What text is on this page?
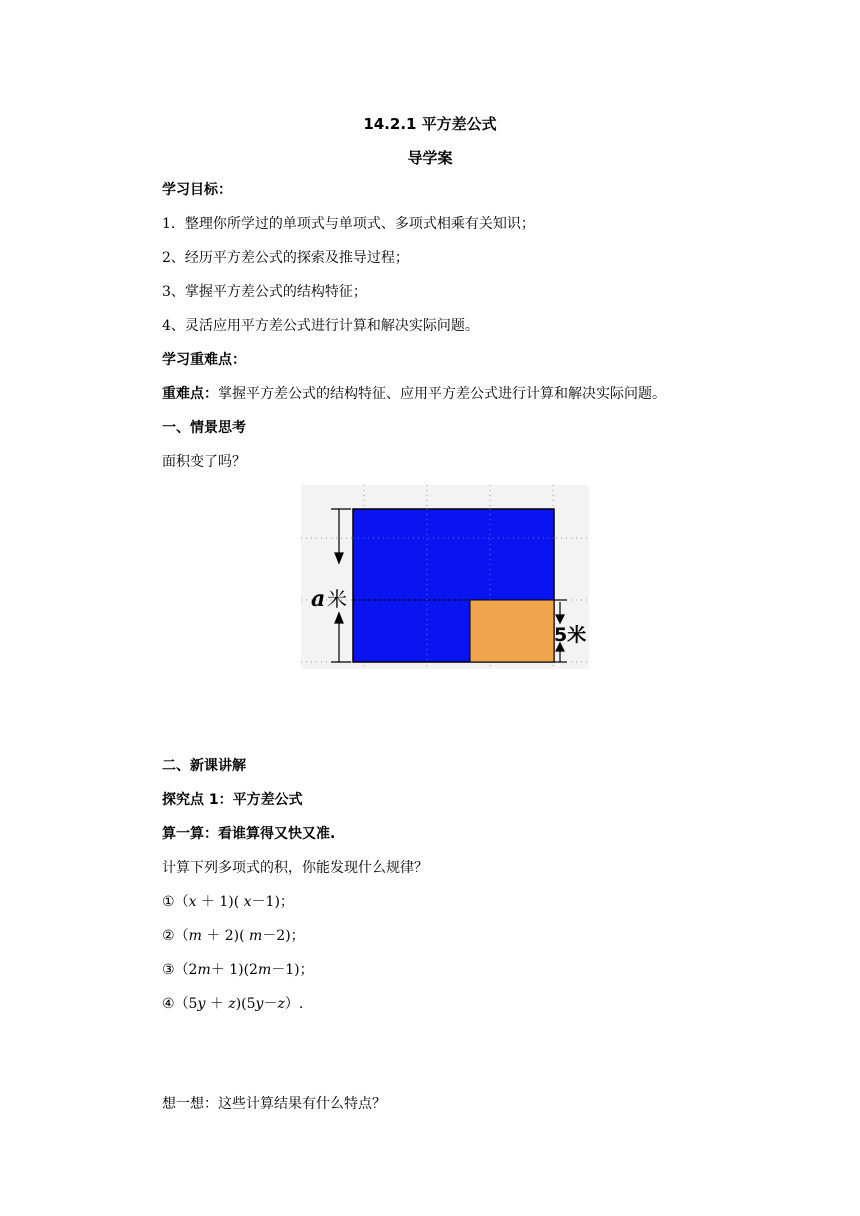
14.2.1 平方差公式
导学案
学习目标：
1．整理你所学过的单项式与单项式、多项式相乘有关知识；
2、经历平方差公式的探索及推导过程；
3、掌握平方差公式的结构特征；
4、灵活应用平方差公式进行计算和解决实际问题。
学习重难点：
重难点：掌握平方差公式的结构特征、应用平方差公式进行计算和解决实际问题。
一、情景思考
面积变了吗？
a 米
5米
二、新课讲解
探究点 1：平方差公式
算一算：看谁算得又快又准.
计算下列多项式的积，你能发现什么规律？
①（x ＋ 1)( x－1)；
②（m ＋ 2)( m－2)；
③（2m＋ 1)(2m－1)；
④（5y ＋ z)(5y－z）.
想一想：这些计算结果有什么特点？
